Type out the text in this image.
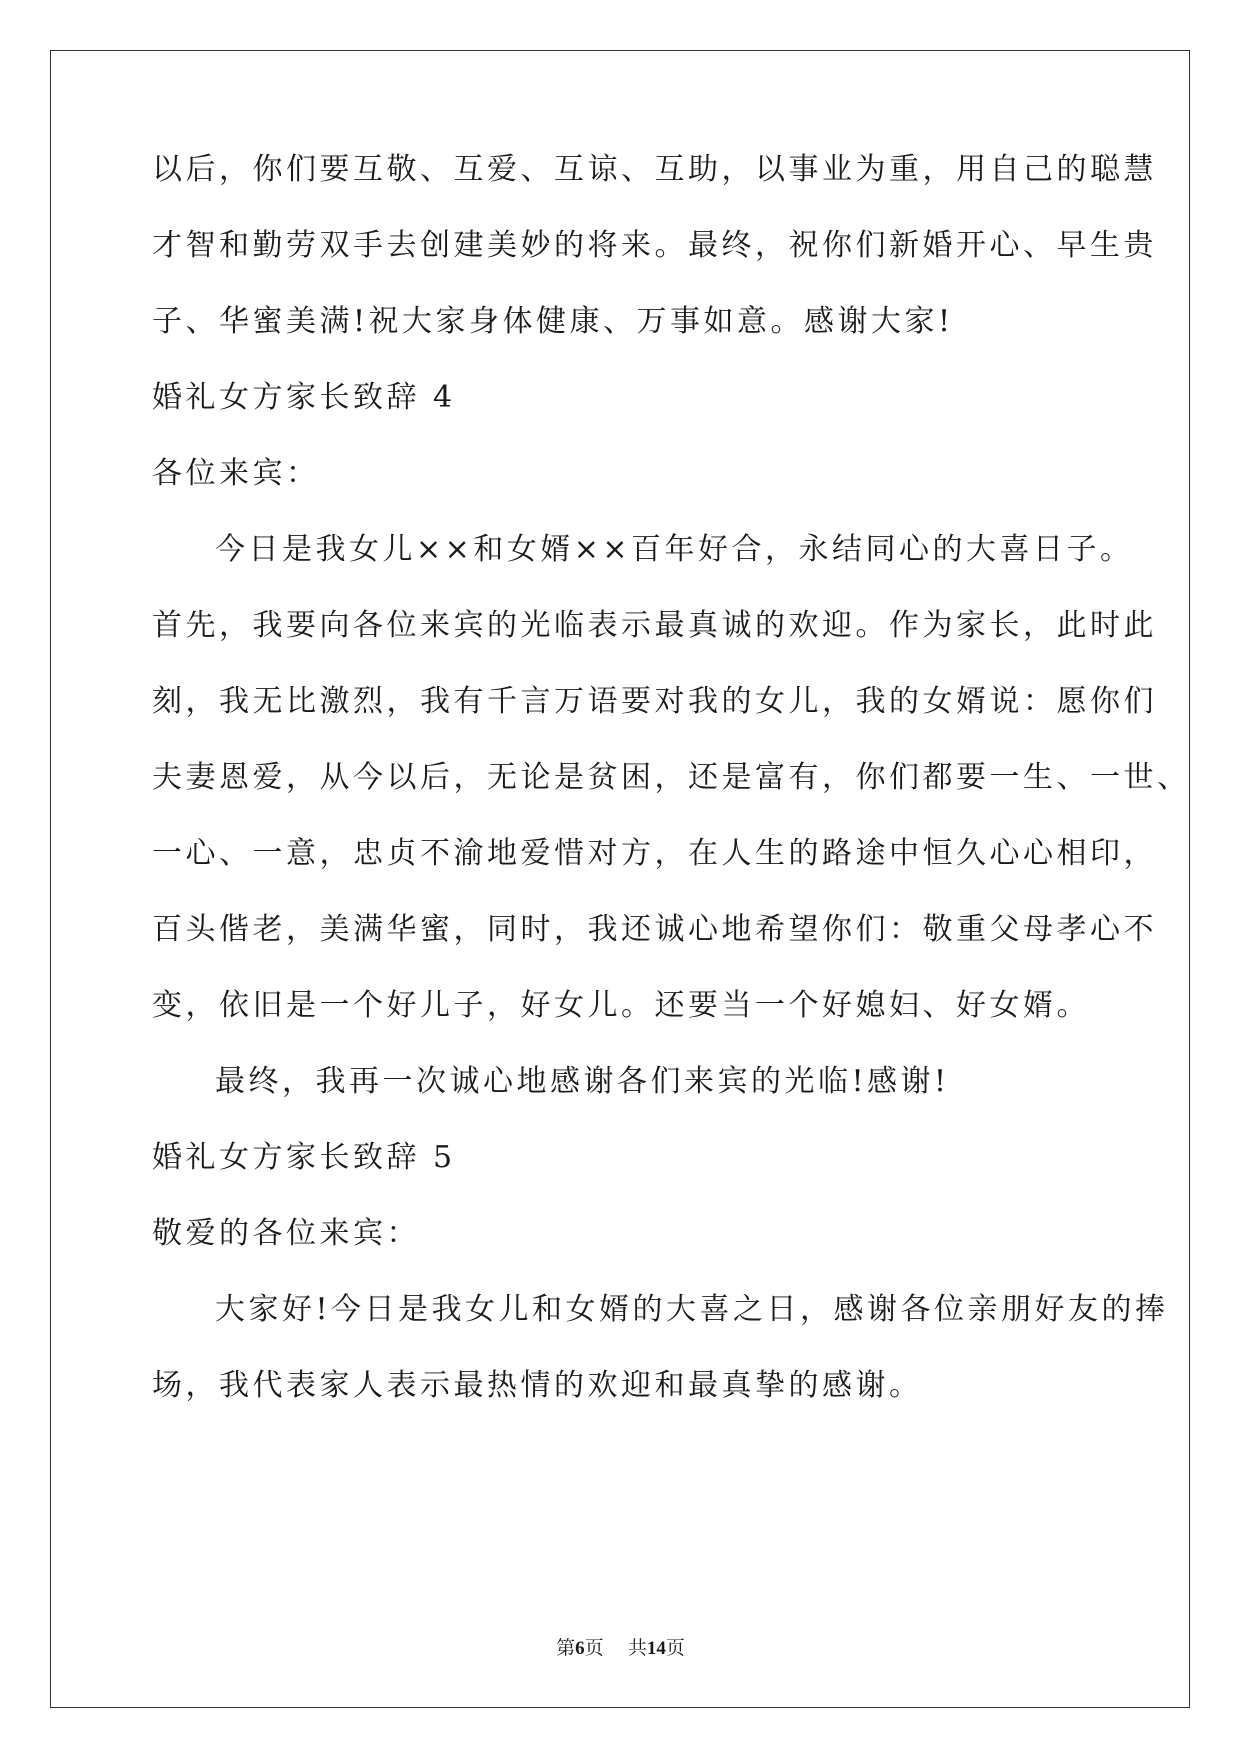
以后，你们要互敬、互爱、互谅、互助，以事业为重，用自己的聪慧
才智和勤劳双手去创建美妙的将来。最终，祝你们新婚开心、早生贵
子、华蜜美满!祝大家身体健康、万事如意。感谢大家!
婚礼女方家长致辞 4
各位来宾：
今日是我女儿××和女婿××百年好合，永结同心的大喜日子。
首先，我要向各位来宾的光临表示最真诚的欢迎。作为家长，此时此
刻，我无比激烈，我有千言万语要对我的女儿，我的女婿说：愿你们
夫妻恩爱，从今以后，无论是贫困，还是富有，你们都要一生、一世、
一心、一意，忠贞不渝地爱惜对方，在人生的路途中恒久心心相印，
百头偕老，美满华蜜，同时，我还诚心地希望你们：敬重父母孝心不
变，依旧是一个好儿子，好女儿。还要当一个好媳妇、好女婿。
最终，我再一次诚心地感谢各们来宾的光临!感谢!
婚礼女方家长致辞 5
敬爱的各位来宾：
大家好!今日是我女儿和女婿的大喜之日，感谢各位亲朋好友的捧
场，我代表家人表示最热情的欢迎和最真挚的感谢。
第6页 共14页
